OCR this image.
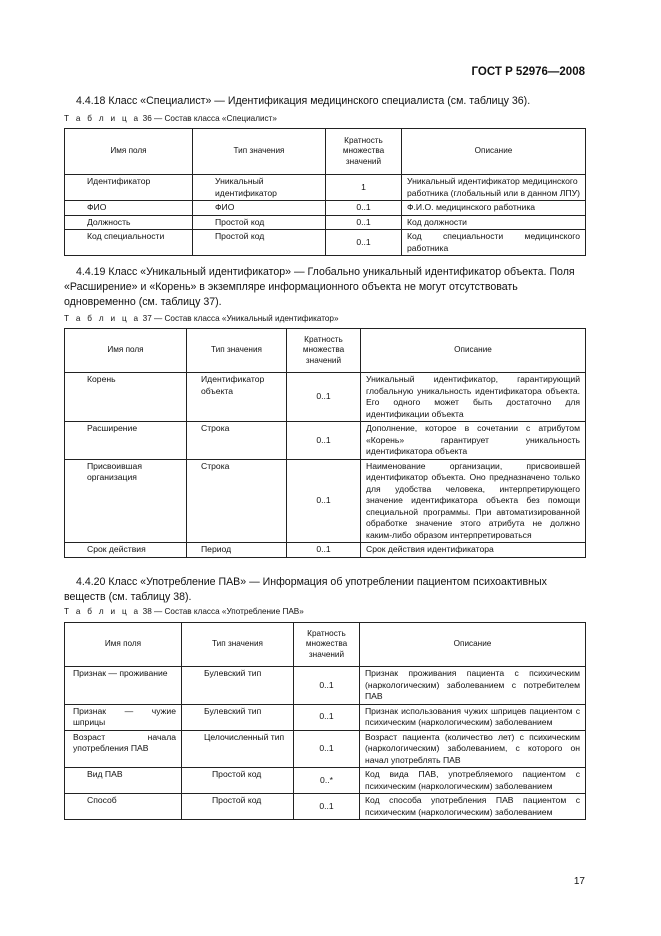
ГОСТ Р 52976—2008
4.4.18 Класс «Специалист» — Идентификация медицинского специалиста (см. таблицу 36).
Т а б л и ц а 36 — Состав класса «Специалист»
Имя поля	Тип значения	Кратность множества значений	Описание
Идентификатор	Уникальный идентификатор	1	Уникальный идентификатор медицинского работника (глобальный или в данном ЛПУ)
ФИО	ФИО	0..1	Ф.И.О. медицинского работника
Должность	Простой код	0..1	Код должности
Код специальности	Простой код	0..1	Код специальности медицинского работника
4.4.19 Класс «Уникальный идентификатор» — Глобально уникальный идентификатор объекта. Поля «Расширение» и «Корень» в экземпляре информационного объекта не могут отсутствовать одновременно (см. таблицу 37).
Т а б л и ц а 37 — Состав класса «Уникальный идентификатор»
Имя поля	Тип значения	Кратность множества значений	Описание
Корень	Идентификатор объекта	0..1	Уникальный идентификатор, гарантирующий глобальную уникальность идентификатора объекта. Его одного может быть достаточно для идентификации объекта
Расширение	Строка	0..1	Дополнение, которое в сочетании с атрибутом «Корень» гарантирует уникальность идентификатора объекта
Присвоившая организация	Строка	0..1	Наименование организации, присвоившей идентификатор объекта. Оно предназначено только для удобства человека, интерпретирующего значение идентификатора объекта без помощи специальной программы. При автоматизированной обработке значение этого атрибута не должно каким-либо образом интерпретироваться
Срок действия	Период	0..1	Срок действия идентификатора
4.4.20 Класс «Употребление ПАВ» — Информация об употреблении пациентом психоактивных веществ (см. таблицу 38).
Т а б л и ц а 38 — Состав класса «Употребление ПАВ»
Имя поля	Тип значения	Кратность множества значений	Описание
Признак — проживание	Булевский тип	0..1	Признак проживания пациента с психическим (наркологическим) заболеванием с потребителем ПАВ
Признак — чужие шприцы	Булевский тип	0..1	Признак использования чужих шприцев пациентом с психическим (наркологическим) заболеванием
Возраст начала употребления ПАВ	Целочисленный тип	0..1	Возраст пациента (количество лет) с психическим (наркологическим) заболеванием, с которого он начал употреблять ПАВ
Вид ПАВ	Простой код	0..*	Код вида ПАВ, употребляемого пациентом с психическим (наркологическим) заболеванием
Способ	Простой код	0..1	Код способа употребления ПАВ пациентом с психическим (наркологическим) заболеванием
17
